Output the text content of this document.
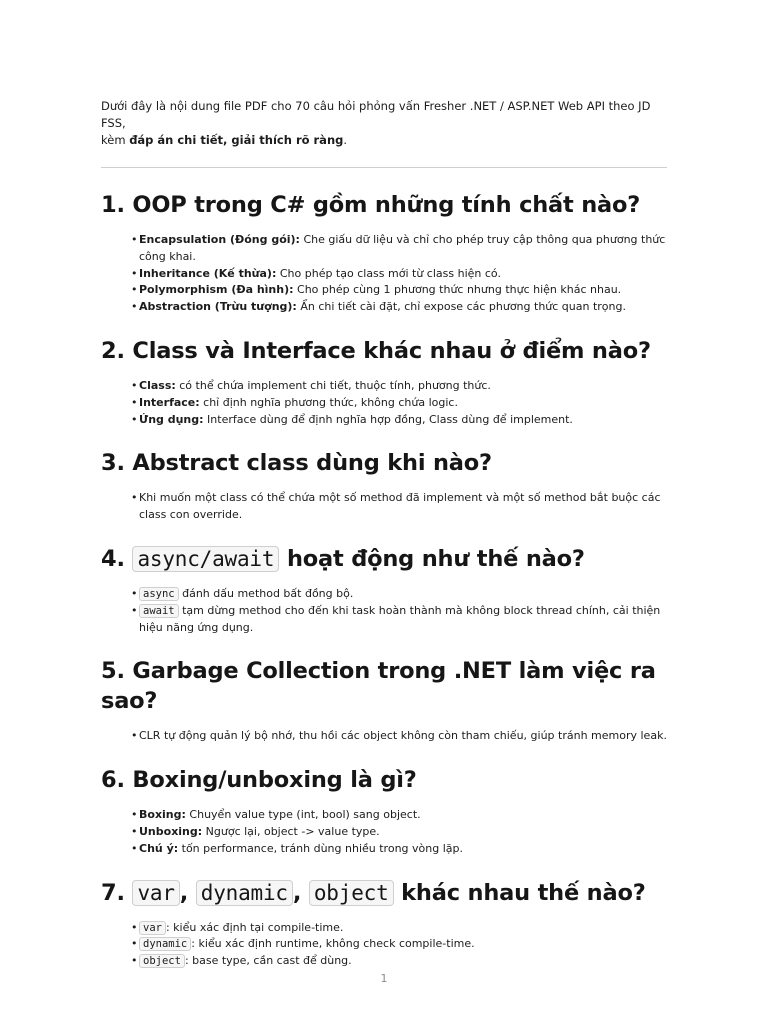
Dưới đây là nội dung file PDF cho 70 câu hỏi phỏng vấn Fresher .NET / ASP.NET Web API theo JD FSS,
kèm đáp án chi tiết, giải thích rõ ràng.

1. OOP trong C# gồm những tính chất nào?
• Encapsulation (Đóng gói): Che giấu dữ liệu và chỉ cho phép truy cập thông qua phương thức công khai.
• Inheritance (Kế thừa): Cho phép tạo class mới từ class hiện có.
• Polymorphism (Đa hình): Cho phép cùng 1 phương thức nhưng thực hiện khác nhau.
• Abstraction (Trừu tượng): Ẩn chi tiết cài đặt, chỉ expose các phương thức quan trọng.
2. Class và Interface khác nhau ở điểm nào?
• Class: có thể chứa implement chi tiết, thuộc tính, phương thức.
• Interface: chỉ định nghĩa phương thức, không chứa logic.
• Ứng dụng: Interface dùng để định nghĩa hợp đồng, Class dùng để implement.
3. Abstract class dùng khi nào?
• Khi muốn một class có thể chứa một số method đã implement và một số method bắt buộc các class con override.
4. async/await hoạt động như thế nào?
• async đánh dấu method bất đồng bộ.
• await tạm dừng method cho đến khi task hoàn thành mà không block thread chính, cải thiện hiệu năng ứng dụng.
5. Garbage Collection trong .NET làm việc ra sao?
• CLR tự động quản lý bộ nhớ, thu hồi các object không còn tham chiếu, giúp tránh memory leak.
6. Boxing/unboxing là gì?
• Boxing: Chuyển value type (int, bool) sang object.
• Unboxing: Ngược lại, object -> value type.
• Chú ý: tốn performance, tránh dùng nhiều trong vòng lặp.
7. var , dynamic , object khác nhau thế nào?
• var : kiểu xác định tại compile-time.
• dynamic : kiểu xác định runtime, không check compile-time.
• object : base type, cần cast để dùng.
1
